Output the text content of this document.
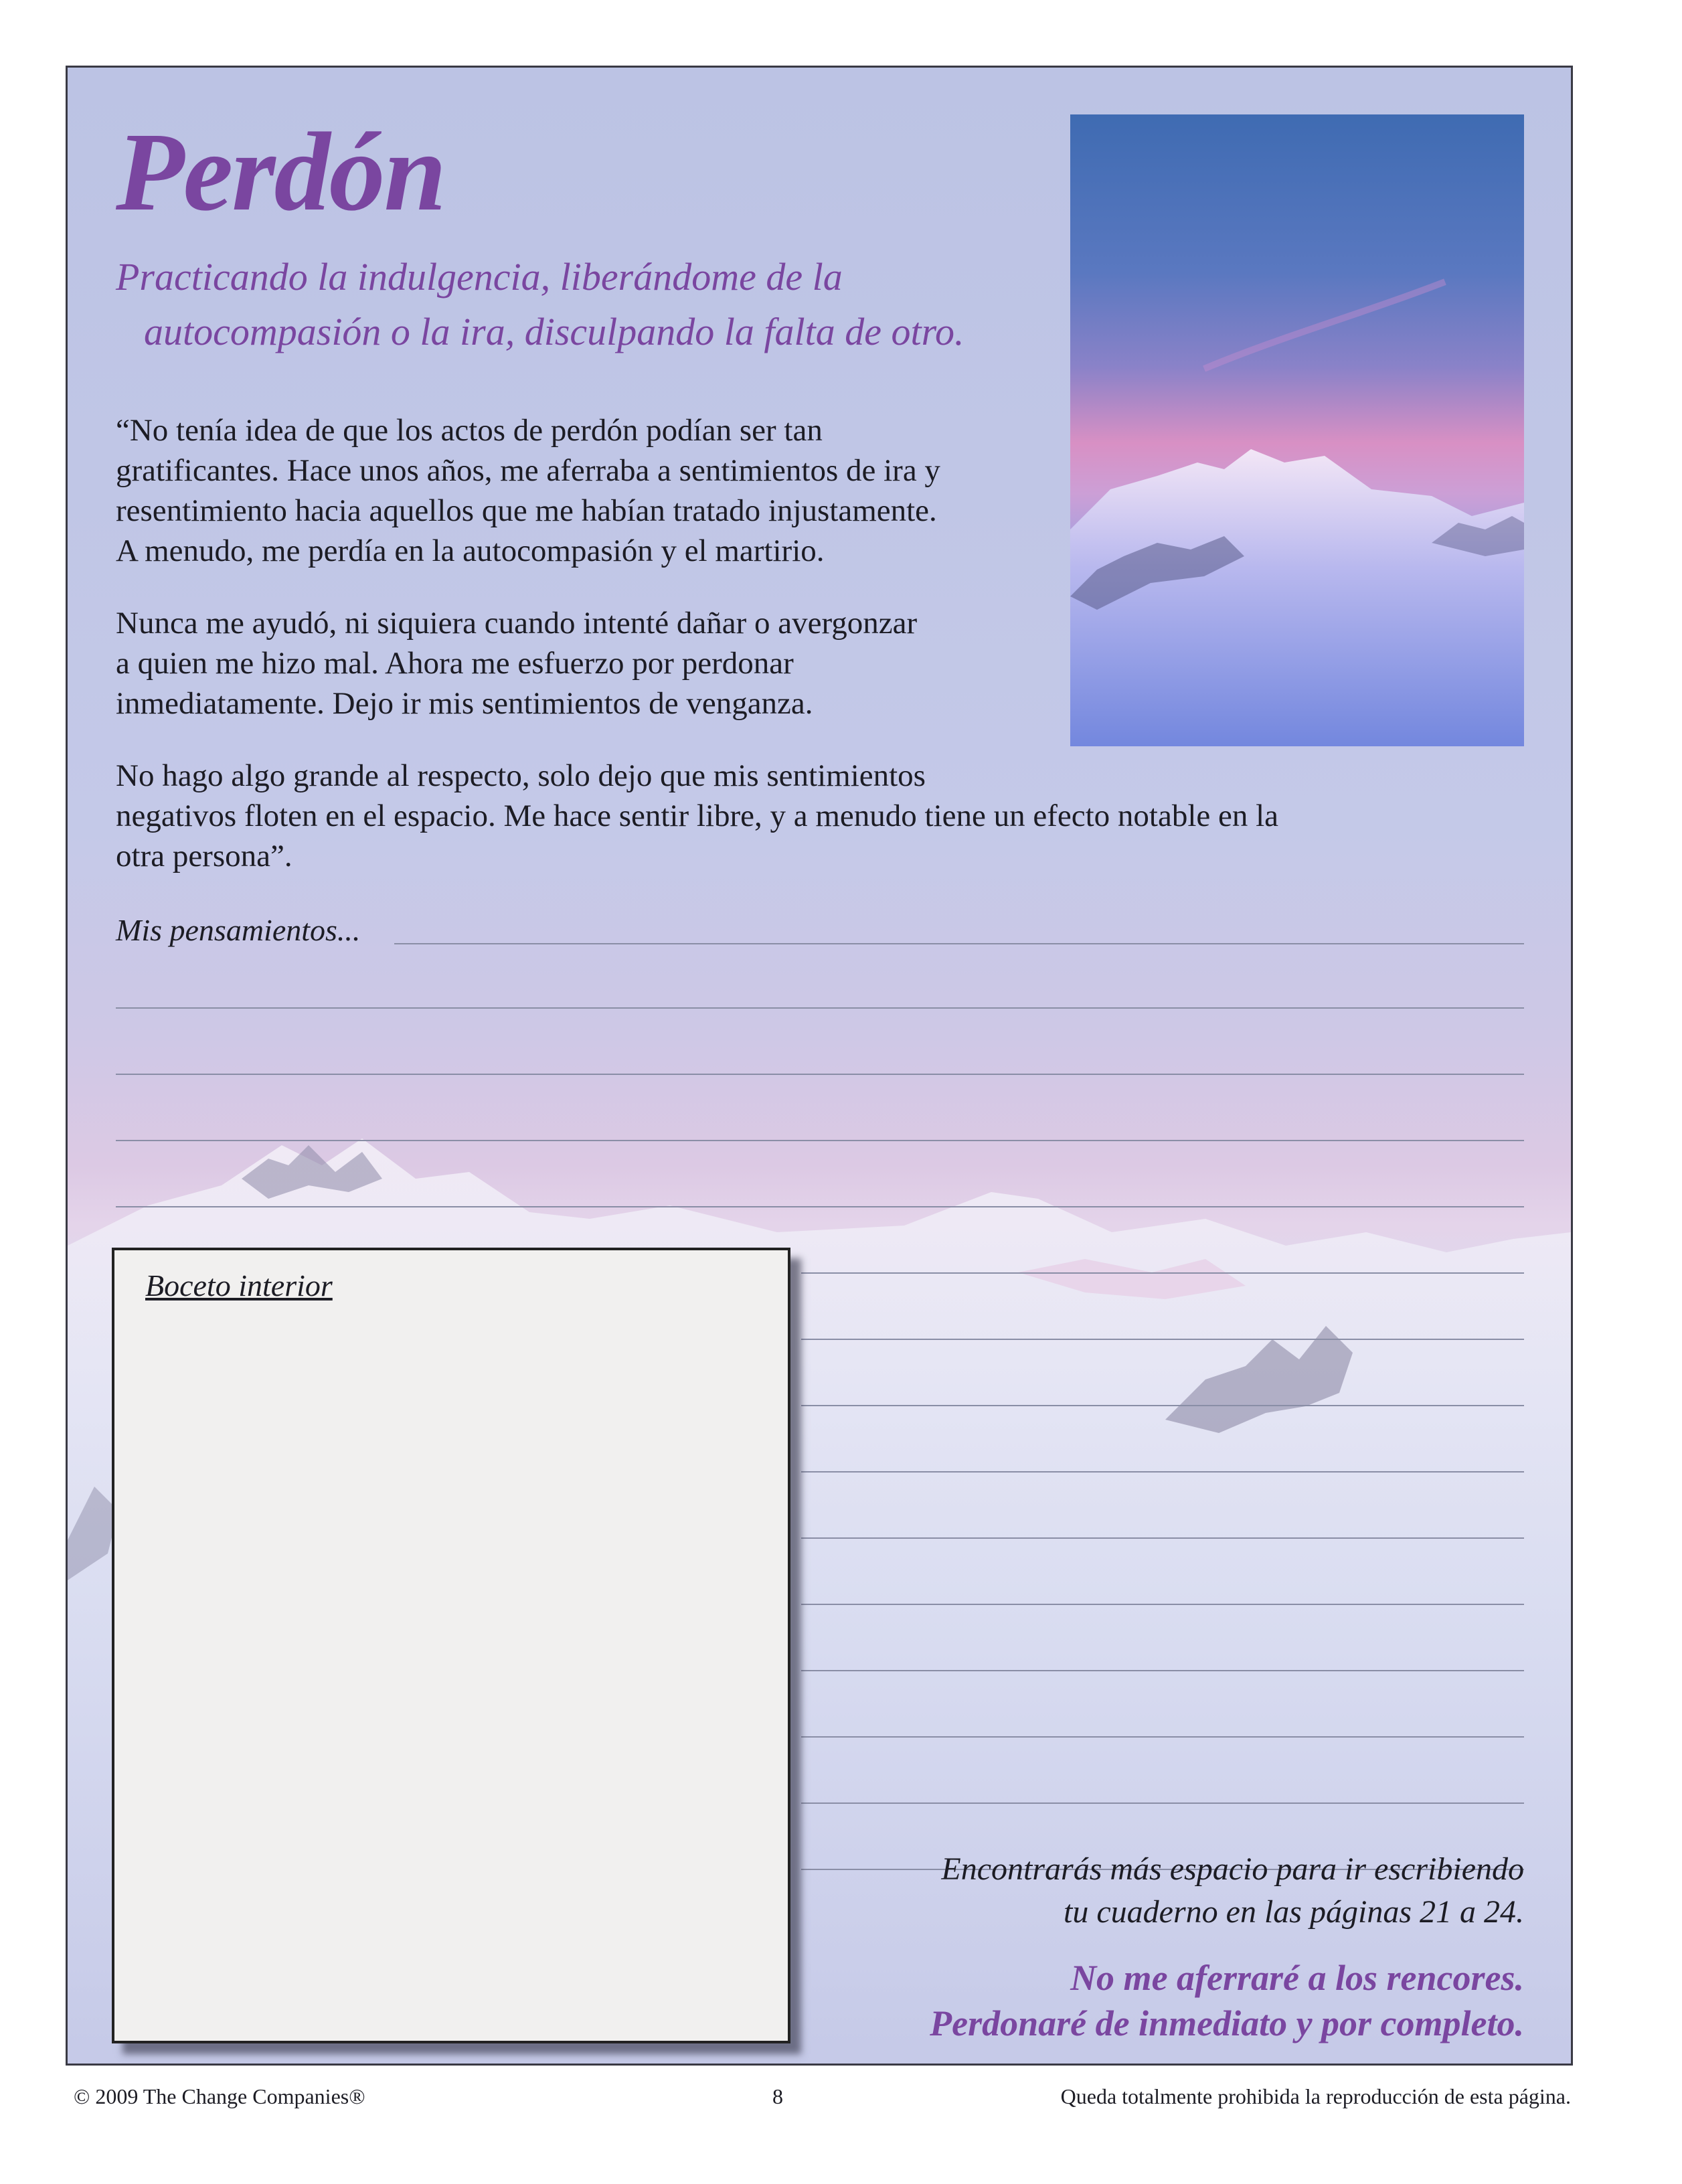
Perdón
Practicando la indulgencia, liberándome de la
autocompasión o la ira, disculpando la falta de otro.

“No tenía idea de que los actos de perdón podían ser tan
gratificantes. Hace unos años, me aferraba a sentimientos de ira y
resentimiento hacia aquellos que me habían tratado injustamente.
A menudo, me perdía en la autocompasión y el martirio.

Nunca me ayudó, ni siquiera cuando intenté dañar o avergonzar
a quien me hizo mal. Ahora me esfuerzo por perdonar
inmediatamente. Dejo ir mis sentimientos de venganza.

No hago algo grande al respecto, solo dejo que mis sentimientos
negativos floten en el espacio. Me hace sentir libre, y a menudo tiene un efecto notable en la
otra persona”.

Mis pensamientos...
Boceto interior
Encontrarás más espacio para ir escribiendo
tu cuaderno en las páginas 21 a 24.
No me aferraré a los rencores.
Perdonaré de inmediato y por completo.
© 2009 The Change Companies®	8	Queda totalmente prohibida la reproducción de esta página.
